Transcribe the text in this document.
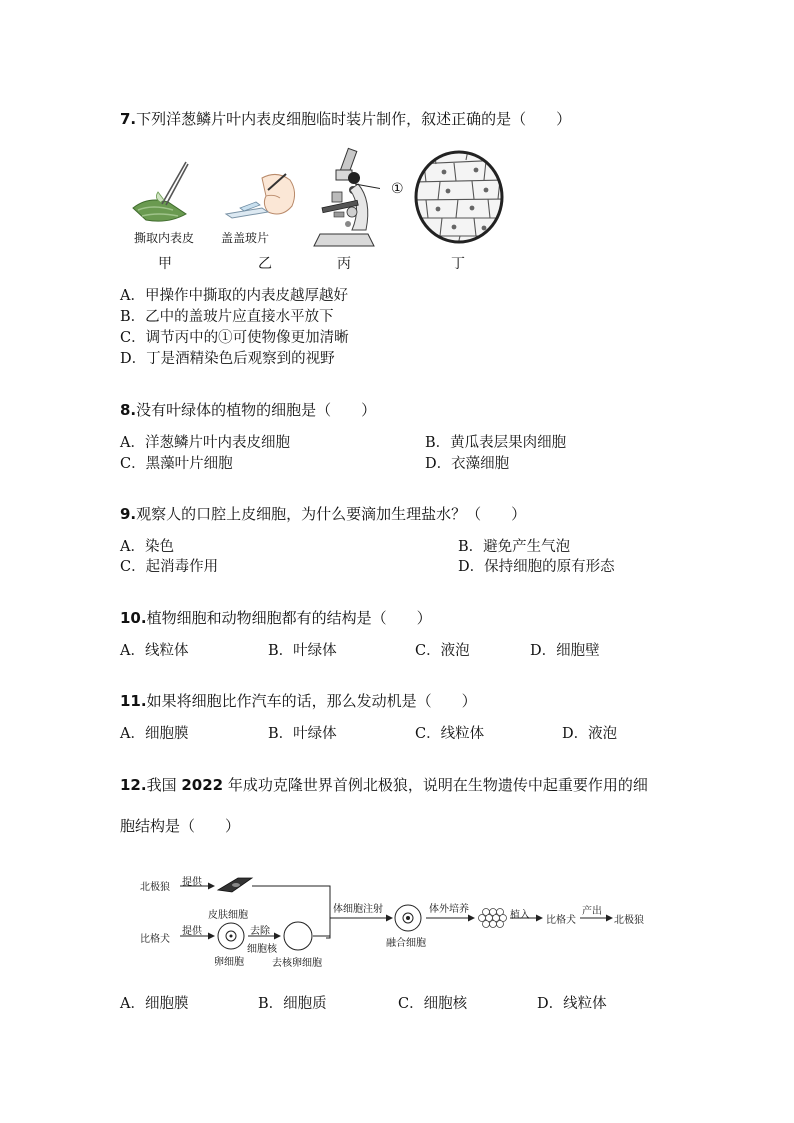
7.下列洋葱鳞片叶内表皮细胞临时装片制作，叙述正确的是（　　）
撕取内表皮
甲
盖盖玻片
乙
①
丙	丁
A．甲操作中撕取的内表皮越厚越好
B．乙中的盖玻片应直接水平放下
C．调节丙中的①可使物像更加清晰
D．丁是酒精染色后观察到的视野
8.没有叶绿体的植物的细胞是（　　）
A．洋葱鳞片叶内表皮细胞	B．黄瓜表层果肉细胞
C．黑藻叶片细胞	D．衣藻细胞
9.观察人的口腔上皮细胞，为什么要滴加生理盐水？（　　）
A．染色	B．避免产生气泡
C．起消毒作用	D．保持细胞的原有形态
10.植物细胞和动物细胞都有的结构是（　　）
A．线粒体	B．叶绿体	C．液泡	D．细胞壁
11.如果将细胞比作汽车的话，那么发动机是（　　）
A．细胞膜	B．叶绿体	C．线粒体	D．液泡
12.我国 2022 年成功克隆世界首例北极狼，说明在生物遗传中起重要作用的细
胞结构是（　　）
北极狼 提供
皮肤细胞
比格犬
提供
卵细胞
去除
细胞核
去核卵细胞
体细胞注射
融合细胞
体外培养
植入 比格犬
产出
北极狼
A．细胞膜	B．细胞质	C．细胞核	D．线粒体
